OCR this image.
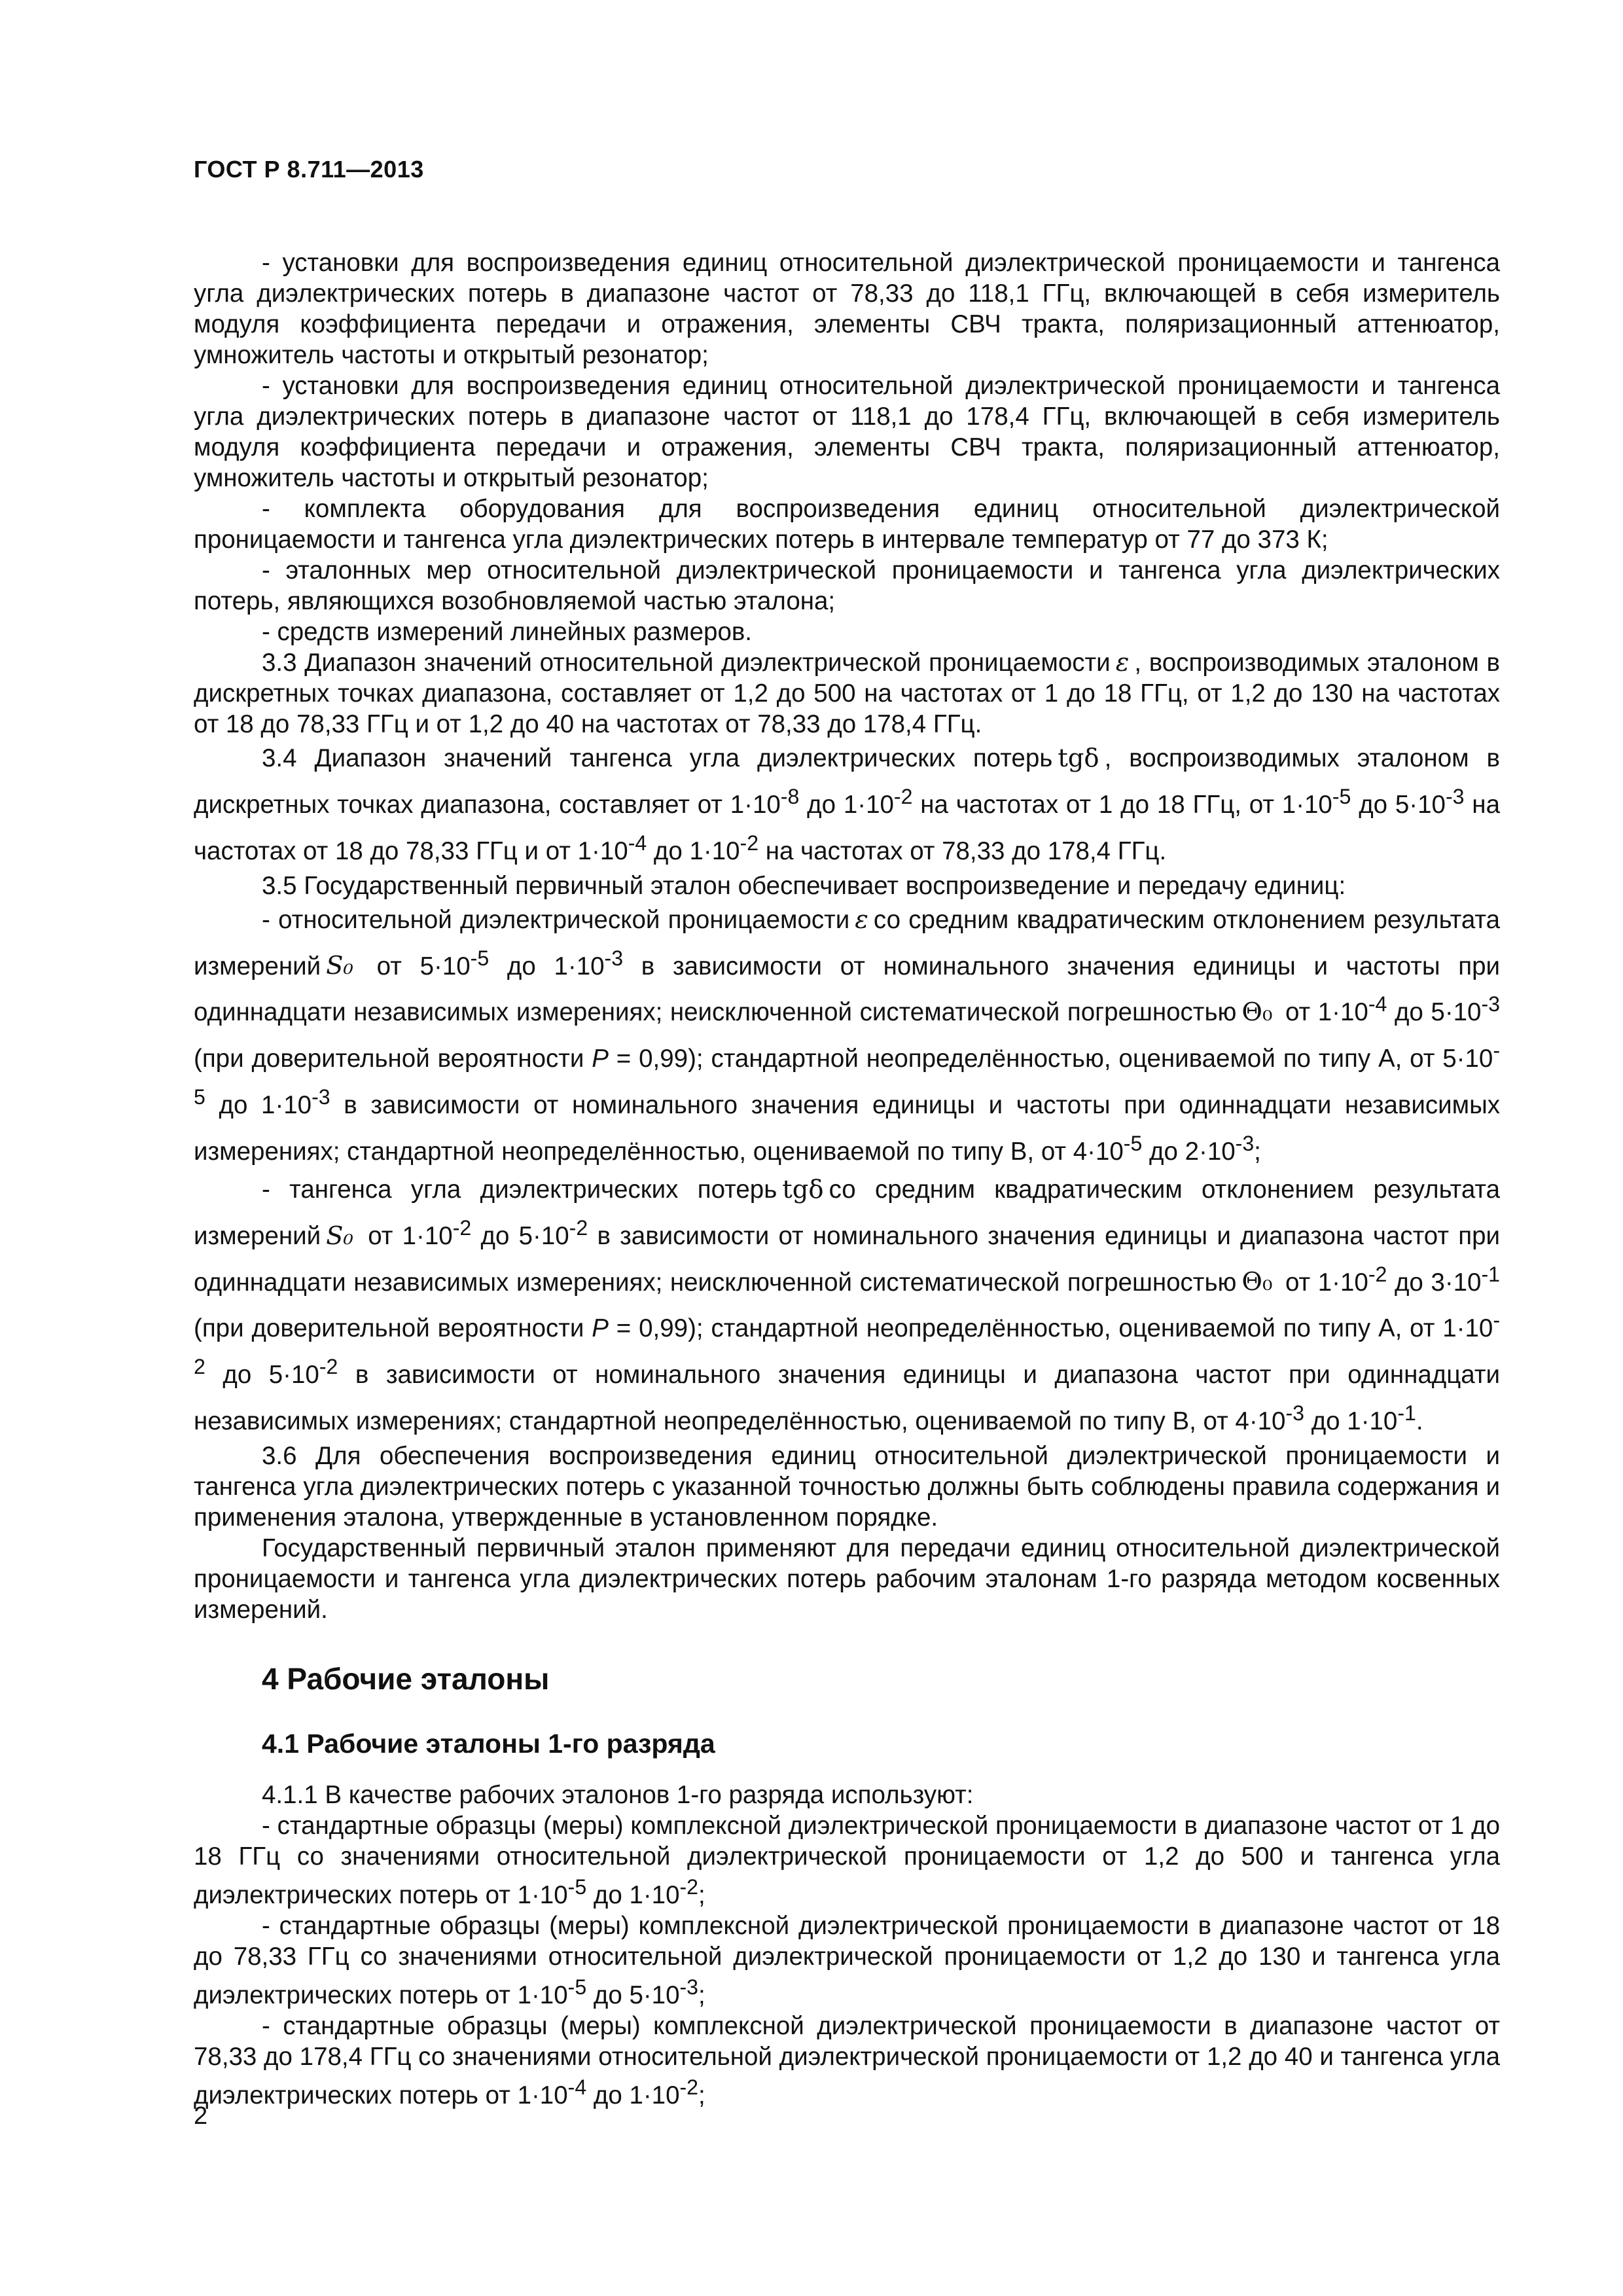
ГОСТ Р 8.711—2013

- установки для воспроизведения единиц относительной диэлектрической проницаемости и тангенса угла диэлектрических потерь в диапазоне частот от 78,33 до 118,1 ГГц, включающей в себя измеритель модуля коэффициента передачи и отражения, элементы СВЧ тракта, поляризационный аттенюатор, умножитель частоты и открытый резонатор;

- установки для воспроизведения единиц относительной диэлектрической проницаемости и тангенса угла диэлектрических потерь в диапазоне частот от 118,1 до 178,4 ГГц, включающей в себя измеритель модуля коэффициента передачи и отражения, элементы СВЧ тракта, поляризационный аттенюатор, умножитель частоты и открытый резонатор;

- комплекта оборудования для воспроизведения единиц относительной диэлектрической проницаемости и тангенса угла диэлектрических потерь в интервале температур от 77 до 373 К;

- эталонных мер относительной диэлектрической проницаемости и тангенса угла диэлектрических потерь, являющихся возобновляемой частью эталона;

- средств измерений линейных размеров.

3.3 Диапазон значений относительной диэлектрической проницаемости ε , воспроизводимых эталоном в дискретных точках диапазона, составляет от 1,2 до 500 на частотах от 1 до 18 ГГц, от 1,2 до 130 на частотах от 18 до 78,33 ГГц и от 1,2 до 40 на частотах от 78,33 до 178,4 ГГц.

3.4 Диапазон значений тангенса угла диэлектрических потерь tgδ , воспроизводимых эталоном в дискретных точках диапазона, составляет от $1\cdot 10^{-8}$ до $1\cdot 10^{-2}$ на частотах от 1 до 18 ГГц, от $1\cdot 10^{-5}$ до $5\cdot 10^{-3}$ на частотах от 18 до 78,33 ГГц и от $1\cdot 10^{-4}$ до $1\cdot 10^{-2}$ на частотах от 78,33 до 178,4 ГГц.

3.5 Государственный первичный эталон обеспечивает воспроизведение и передачу единиц:

- относительной диэлектрической проницаемости ε со средним квадратическим отклонением результата измерений S₀ от $5\cdot 10^{-5}$ до $1\cdot 10^{-3}$ в зависимости от номинального значения единицы и частоты при одиннадцати независимых измерениях; неисключенной систематической погрешностью Θ₀ от $1\cdot 10^{-4}$ до $5\cdot 10^{-3}$ (при доверительной вероятности P = 0,99); стандартной неопределённостью, оцениваемой по типу А, от $5\cdot 10^{-5}$ до $1\cdot 10^{-3}$ в зависимости от номинального значения единицы и частоты при одиннадцати независимых измерениях; стандартной неопределённостью, оцениваемой по типу В, от $4\cdot 10^{-5}$ до $2\cdot 10^{-3}$;

- тангенса угла диэлектрических потерь tgδ со средним квадратическим отклонением результата измерений S₀ от $1\cdot 10^{-2}$ до $5\cdot 10^{-2}$ в зависимости от номинального значения единицы и диапазона частот при одиннадцати независимых измерениях; неисключенной систематической погрешностью Θ₀ от $1\cdot 10^{-2}$ до $3\cdot 10^{-1}$ (при доверительной вероятности P = 0,99); стандартной неопределённостью, оцениваемой по типу А, от $1\cdot 10^{-2}$ до $5\cdot 10^{-2}$ в зависимости от номинального значения единицы и диапазона частот при одиннадцати независимых измерениях; стандартной неопределённостью, оцениваемой по типу В, от $4\cdot 10^{-3}$ до $1\cdot 10^{-1}$.

3.6 Для обеспечения воспроизведения единиц относительной диэлектрической проницаемости и тангенса угла диэлектрических потерь с указанной точностью должны быть соблюдены правила содержания и применения эталона, утвержденные в установленном порядке.

Государственный первичный эталон применяют для передачи единиц относительной диэлектрической проницаемости и тангенса угла диэлектрических потерь рабочим эталонам 1-го разряда методом косвенных измерений.

4 Рабочие эталоны
4.1 Рабочие эталоны 1-го разряда

4.1.1 В качестве рабочих эталонов 1-го разряда используют:

- стандартные образцы (меры) комплексной диэлектрической проницаемости в диапазоне частот от 1 до 18 ГГц со значениями относительной диэлектрической проницаемости от 1,2 до 500 и тангенса угла диэлектрических потерь от $1\cdot 10^{-5}$ до $1\cdot 10^{-2}$;

- стандартные образцы (меры) комплексной диэлектрической проницаемости в диапазоне частот от 18 до 78,33 ГГц со значениями относительной диэлектрической проницаемости от 1,2 до 130 и тангенса угла диэлектрических потерь от $1\cdot 10^{-5}$ до $5\cdot 10^{-3}$;

- стандартные образцы (меры) комплексной диэлектрической проницаемости в диапазоне частот от 78,33 до 178,4 ГГц со значениями относительной диэлектрической проницаемости от 1,2 до 40 и тангенса угла диэлектрических потерь от $1\cdot 10^{-4}$ до $1\cdot 10^{-2}$;

2
